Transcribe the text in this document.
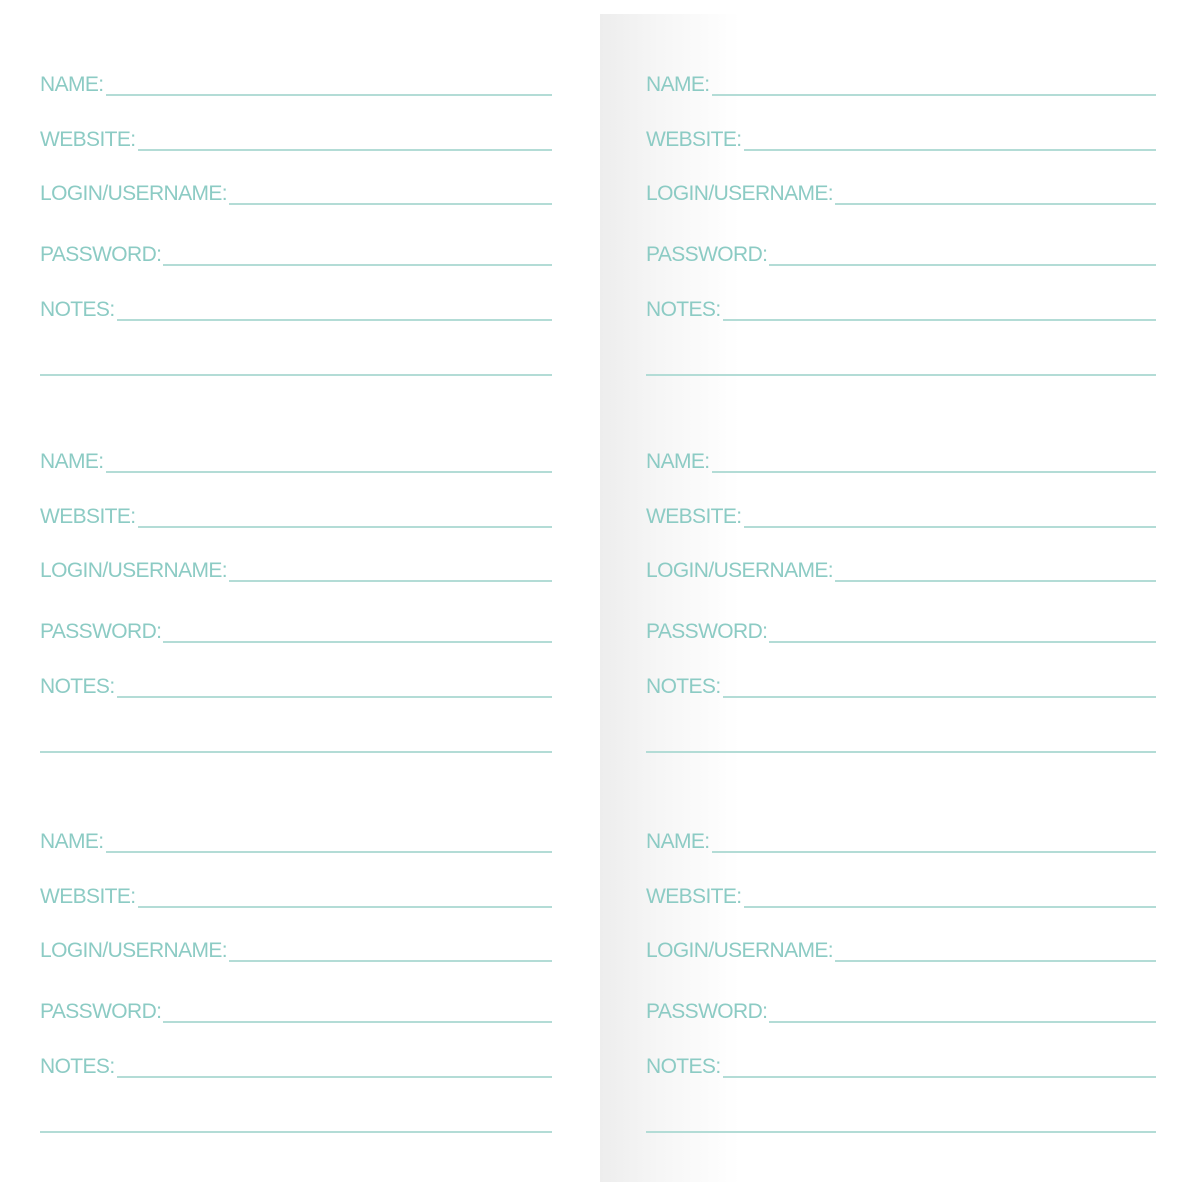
NAME:
WEBSITE:
LOGIN/USERNAME:
PASSWORD:
NOTES:
NAME:
WEBSITE:
LOGIN/USERNAME:
PASSWORD:
NOTES:
NAME:
WEBSITE:
LOGIN/USERNAME:
PASSWORD:
NOTES:
NAME:
WEBSITE:
LOGIN/USERNAME:
PASSWORD:
NOTES:
NAME:
WEBSITE:
LOGIN/USERNAME:
PASSWORD:
NOTES:
NAME:
WEBSITE:
LOGIN/USERNAME:
PASSWORD:
NOTES:
